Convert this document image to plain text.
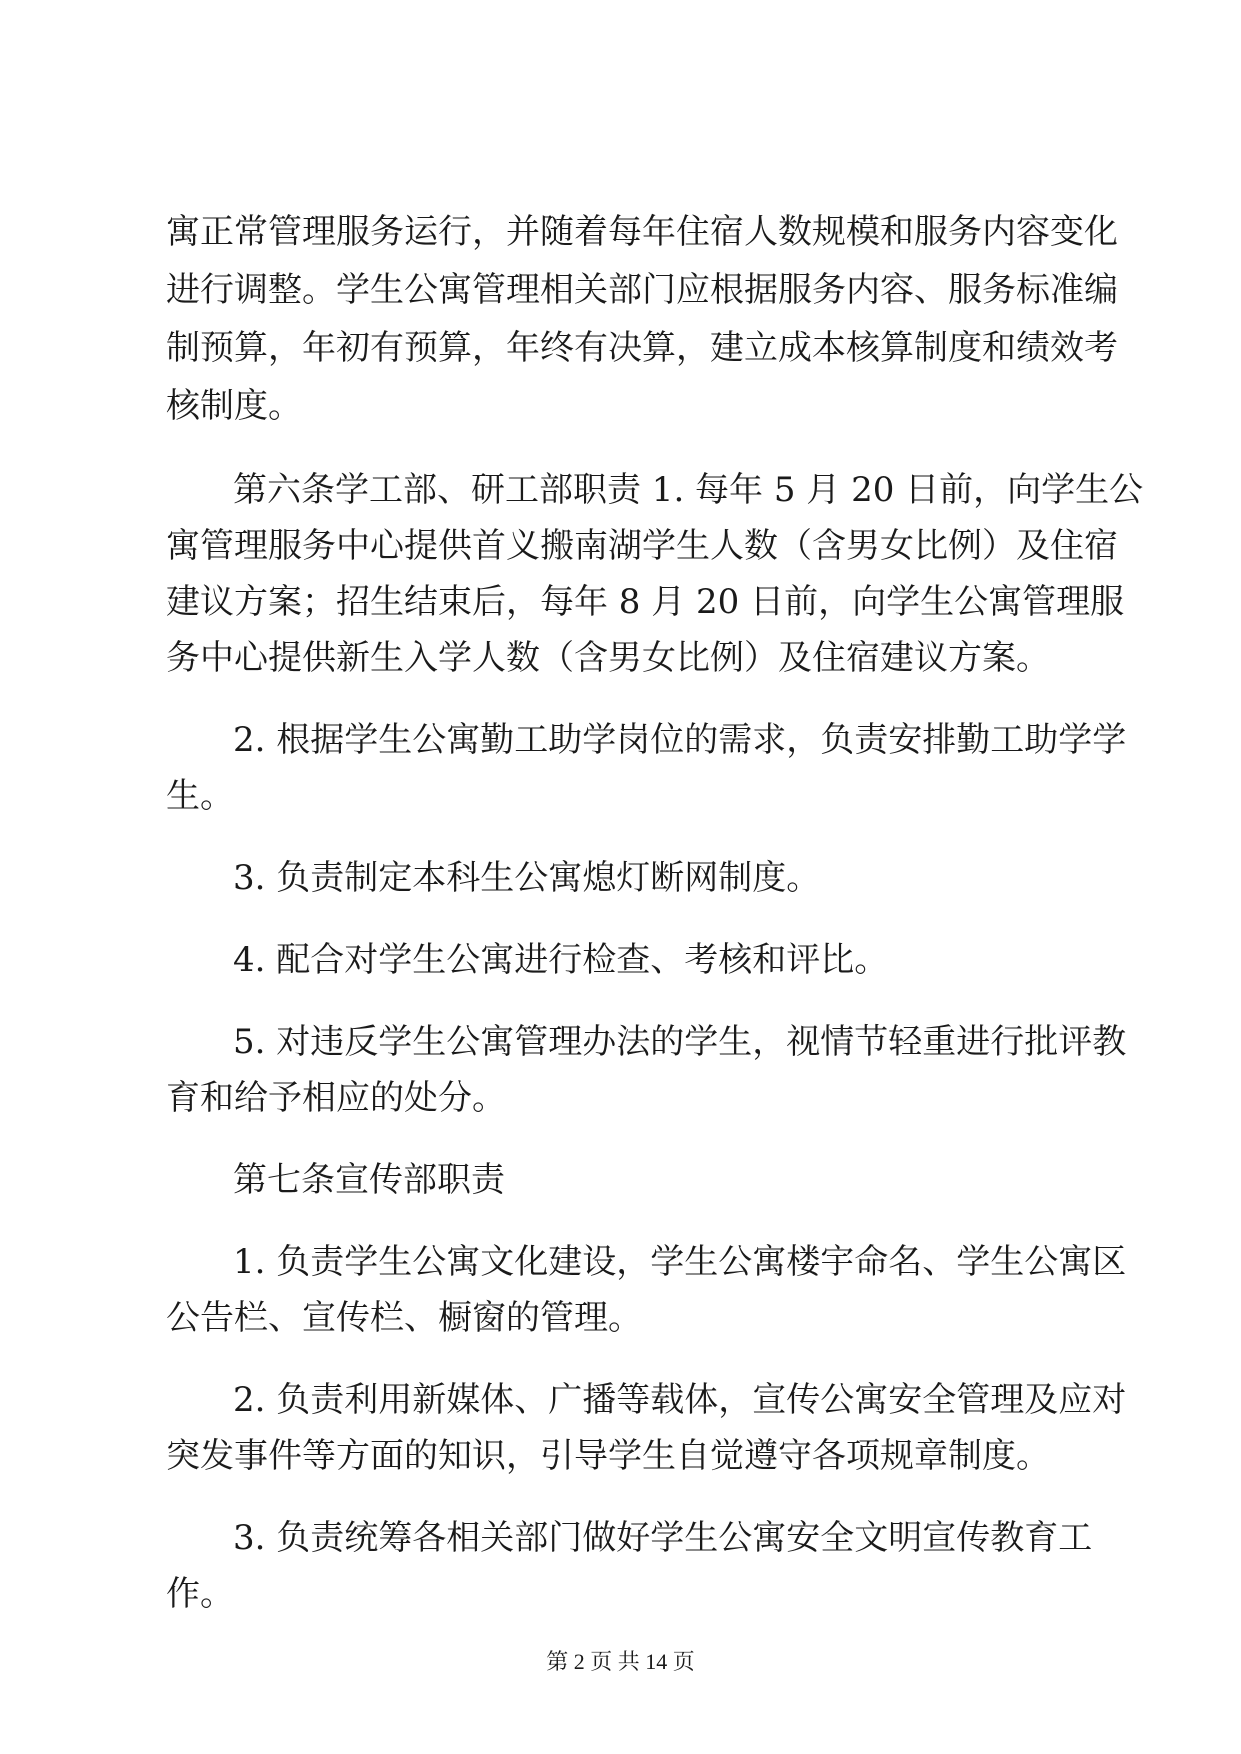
寓正常管理服务运行，并随着每年住宿人数规模和服务内容变化
进行调整。学生公寓管理相关部门应根据服务内容、服务标准编
制预算，年初有预算，年终有决算，建立成本核算制度和绩效考
核制度。
第六条学工部、研工部职责 1. 每年 5 月 20 日前，向学生公
寓管理服务中心提供首义搬南湖学生人数（含男女比例）及住宿
建议方案；招生结束后，每年 8 月 20 日前，向学生公寓管理服
务中心提供新生入学人数（含男女比例）及住宿建议方案。
2. 根据学生公寓勤工助学岗位的需求，负责安排勤工助学学
生。
3. 负责制定本科生公寓熄灯断网制度。
4. 配合对学生公寓进行检查、考核和评比。
5. 对违反学生公寓管理办法的学生，视情节轻重进行批评教
育和给予相应的处分。
第七条宣传部职责
1. 负责学生公寓文化建设，学生公寓楼宇命名、学生公寓区
公告栏、宣传栏、橱窗的管理。
2. 负责利用新媒体、广播等载体，宣传公寓安全管理及应对
突发事件等方面的知识，引导学生自觉遵守各项规章制度。
第 2 页 共 14 页
3. 负责统筹各相关部门做好学生公寓安全文明宣传教育工
作。
